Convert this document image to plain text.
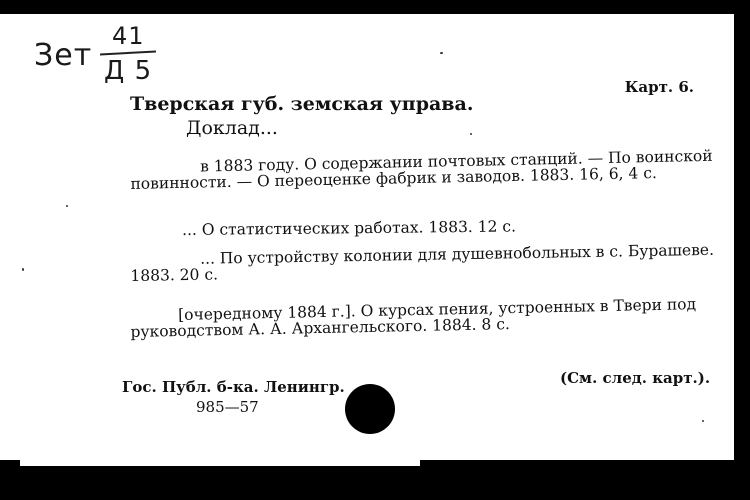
Зет
41
Д 5
Карт. 6.
Тверская губ. земская управа.
Доклад...
в 1883 году. О содержании почтовых станций. — По воинской повинности. — О переоценке фабрик и заводов. 1883. 16, 6, 4 с.
... О статистических работах. 1883. 12 с.
... По устройству колонии для душевнобольных в с. Бурашеве. 1883. 20 с.
[очередному 1884 г.]. О курсах пения, устроенных в Твери под руководством А. А. Архангельского. 1884. 8 с.
Гос. Публ. б-ка. Ленингр.
985—57
(См. след. карт.).
